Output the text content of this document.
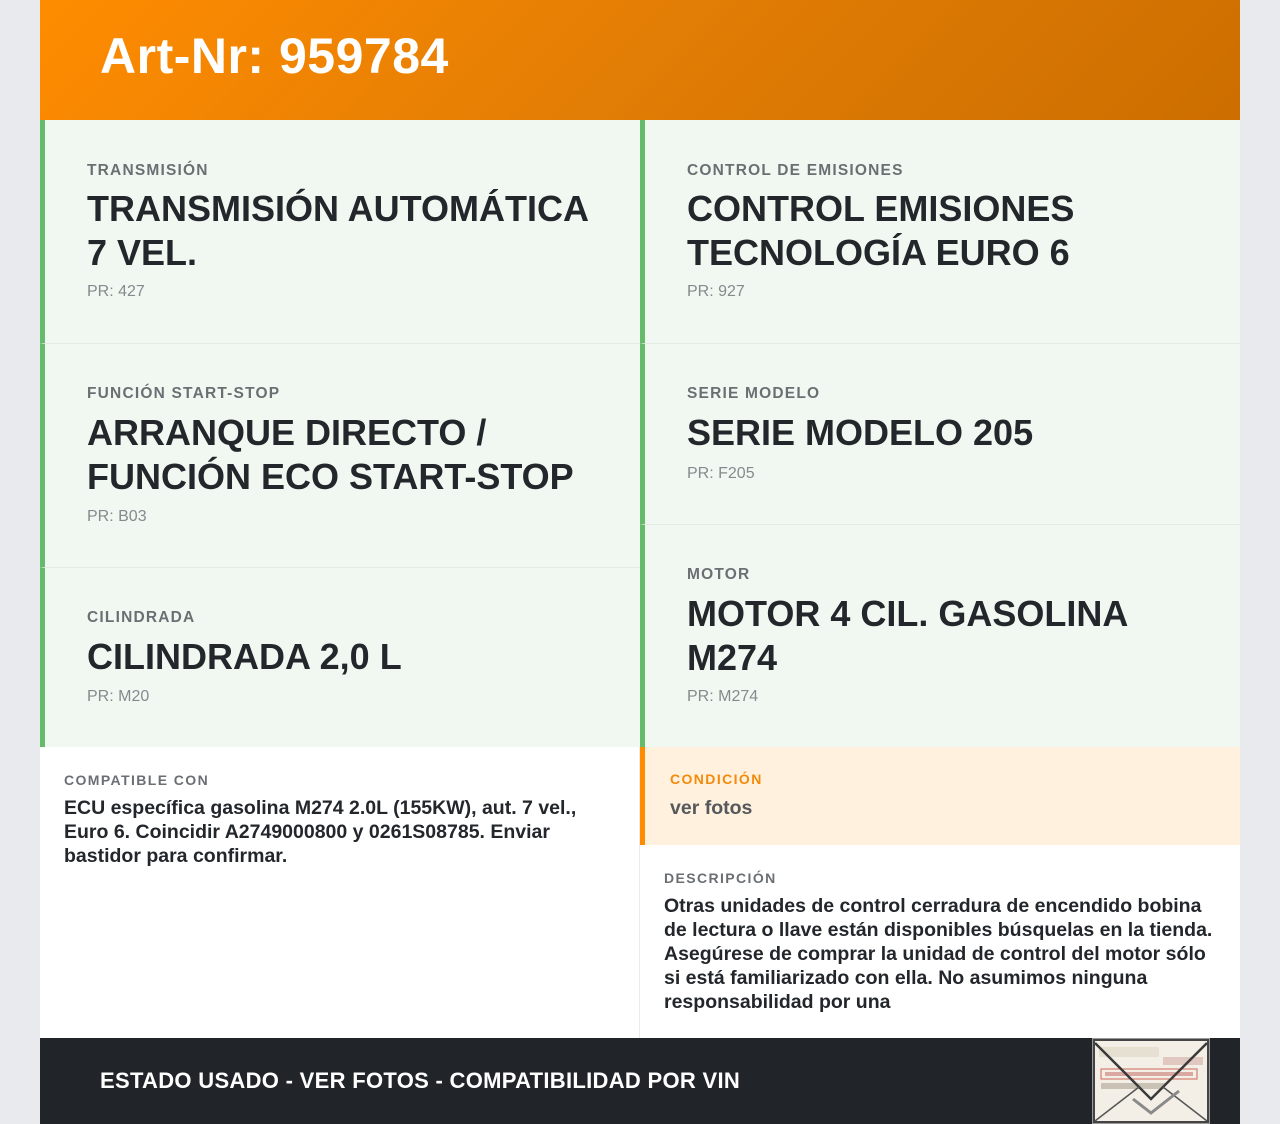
Art-Nr: 959784
TRANSMISIÓN
TRANSMISIÓN AUTOMÁTICA 7 VEL.
PR: 427
FUNCIÓN START-STOP
ARRANQUE DIRECTO / FUNCIÓN ECO START-STOP
PR: B03
CILINDRADA
CILINDRADA 2,0 L
PR: M20
CONTROL DE EMISIONES
CONTROL EMISIONES TECNOLOGÍA EURO 6
PR: 927
SERIE MODELO
SERIE MODELO 205
PR: F205
MOTOR
MOTOR 4 CIL. GASOLINA M274
PR: M274
COMPATIBLE CON
ECU específica gasolina M274 2.0L (155KW), aut. 7 vel., Euro 6. Coincidir A2749000800 y 0261S08785. Enviar bastidor para confirmar.
CONDICIÓN
ver fotos
DESCRIPCIÓN
Otras unidades de control cerradura de encendido bobina de lectura o llave están disponibles búsquelas en la tienda. Asegúrese de comprar la unidad de control del motor sólo si está familiarizado con ella. No asumimos ninguna responsabilidad por una
ESTADO USADO - VER FOTOS - COMPATIBILIDAD POR VIN
